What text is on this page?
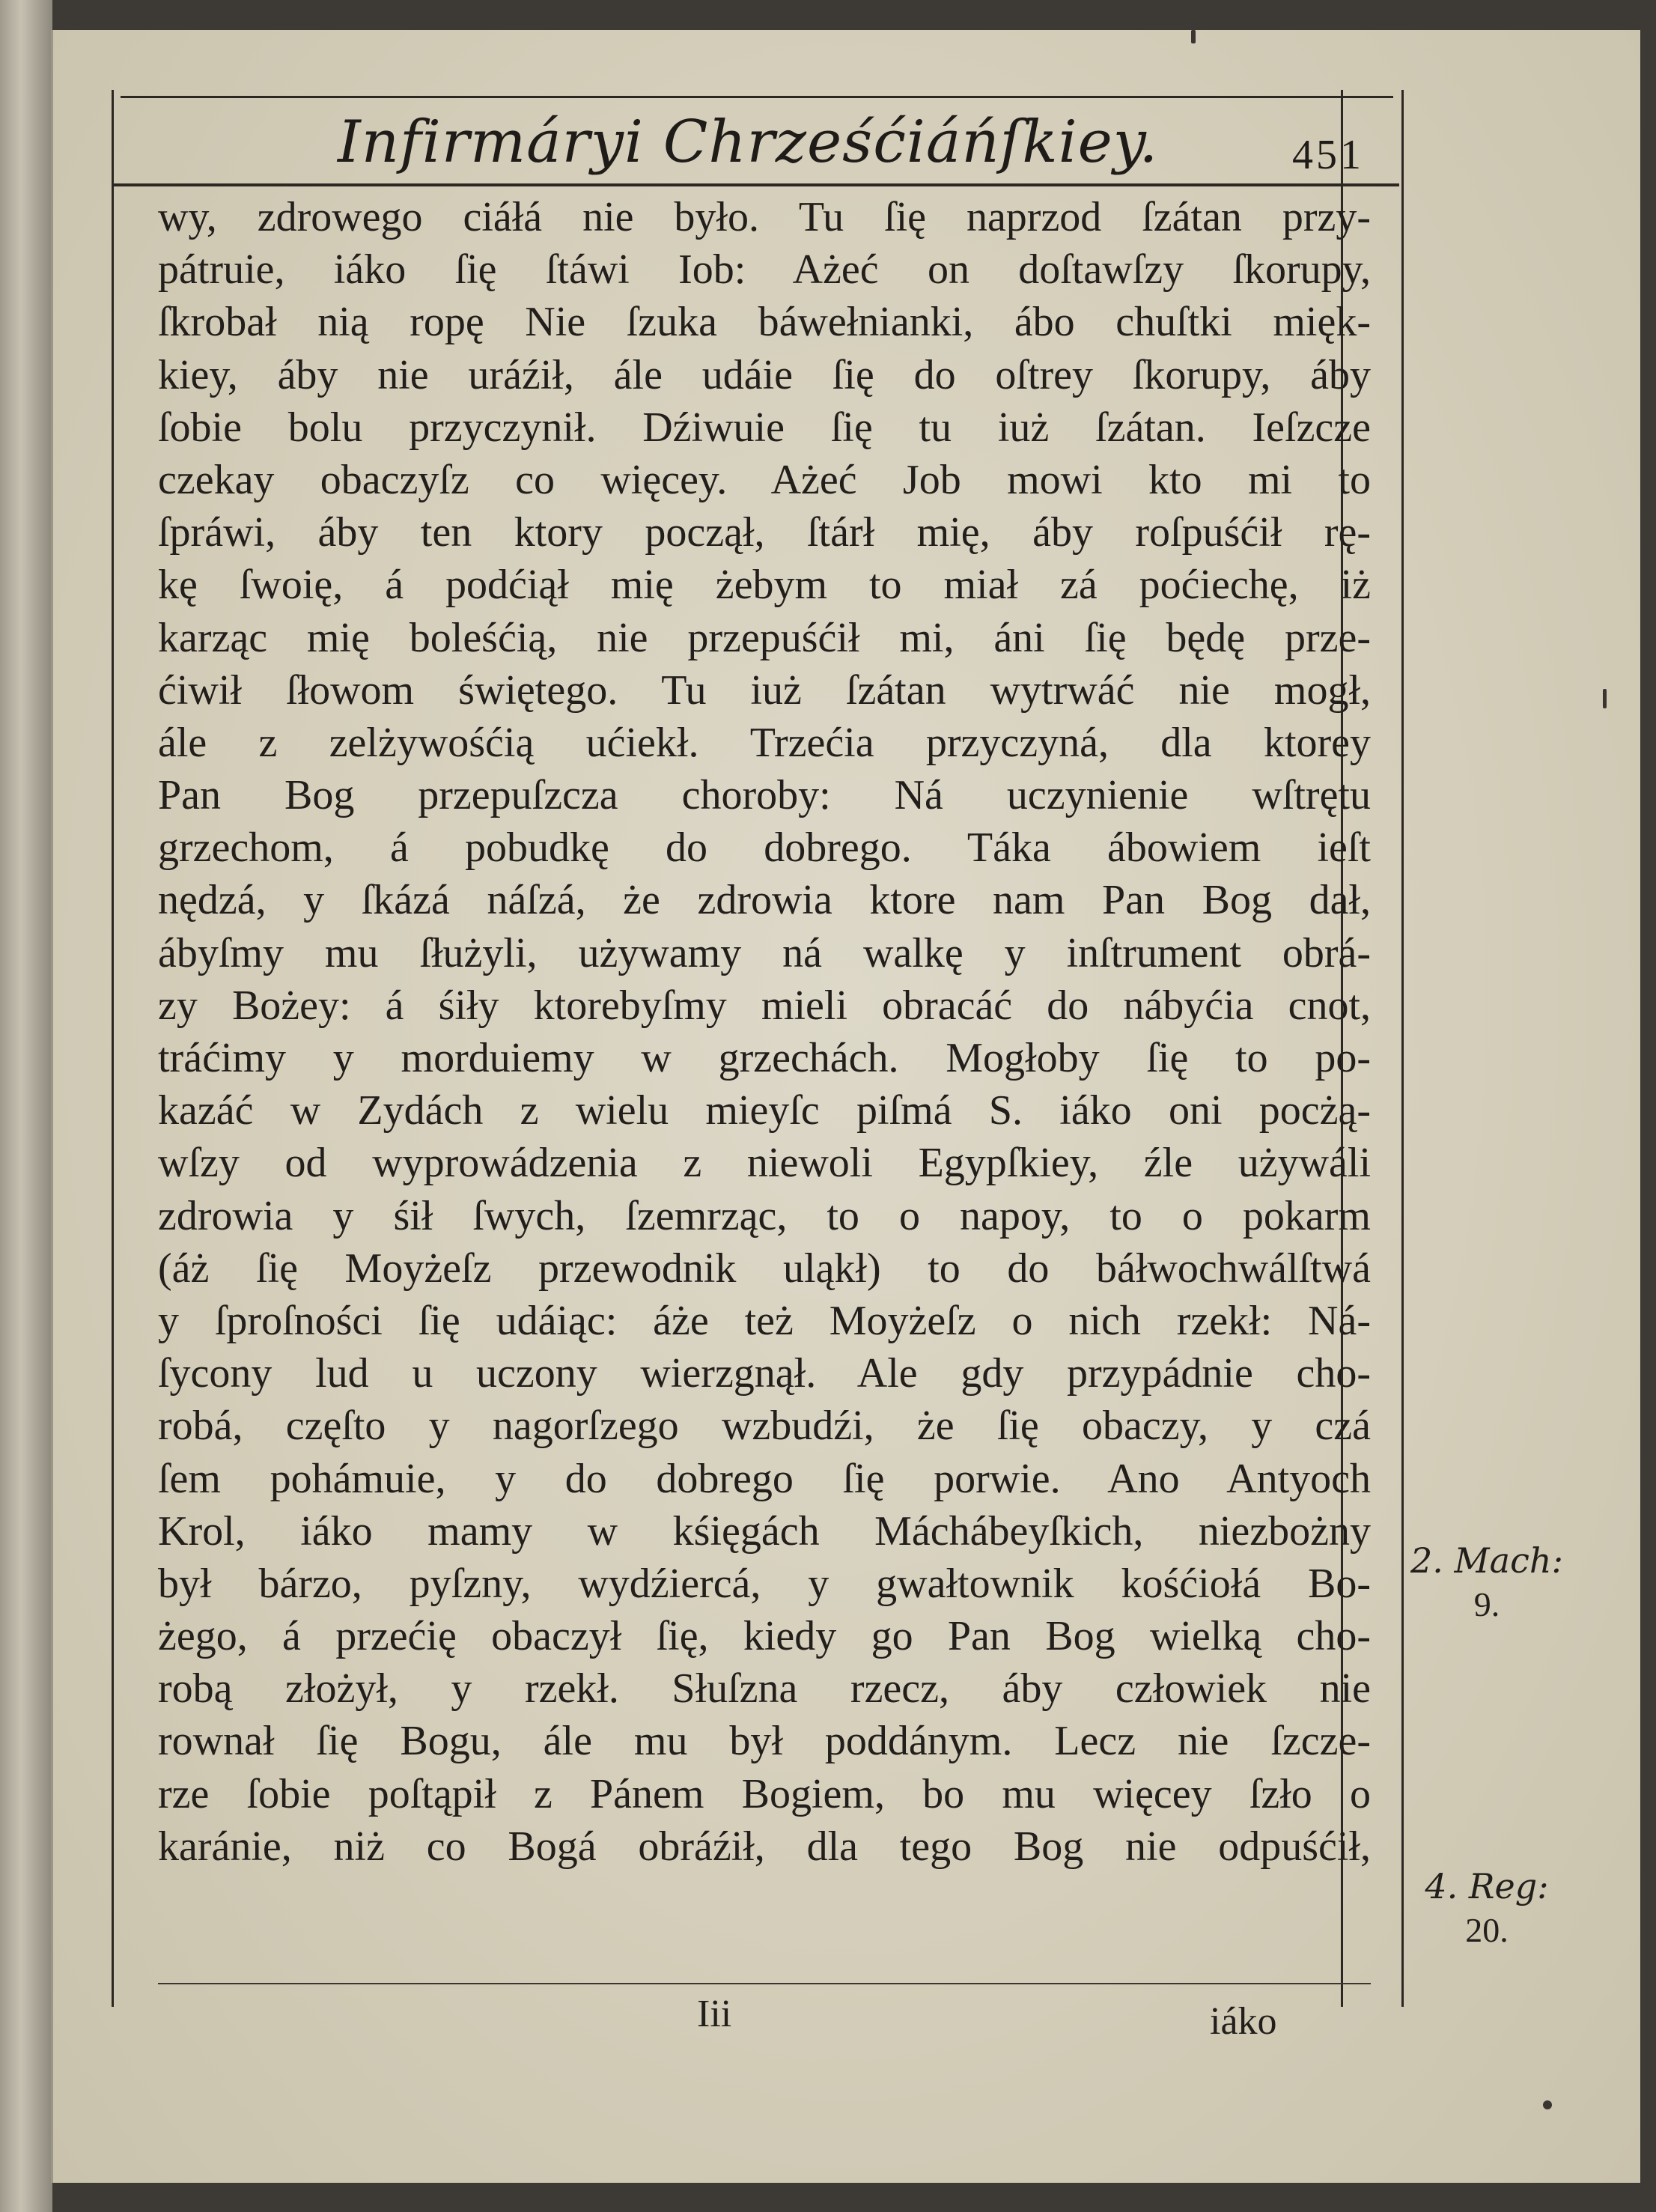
Infirmáryi Chrześćiáńſkiey.	451
wy, zdrowego ciáłá nie było. Tu ſię naprzod ſzátan przy-
pátruie, iáko ſię ſtáwi Iob: Ażeć on doſtawſzy ſkorupy,
ſkrobał nią ropę Nie ſzuka báwełnianki, ábo chuſtki mięk-
kiey, áby nie uráźił, ále udáie ſię do oſtrey ſkorupy, áby
ſobie bolu przyczynił. Dźiwuie ſię tu iuż ſzátan. Ieſzcze
czekay obaczyſz co więcey. Ażeć Job mowi kto mi to
ſpráwi, áby ten ktory począł, ſtárł mię, áby roſpuśćił rę-
kę ſwoię, á podćiął mię żebym to miał zá poćiechę, iż
karząc mię boleśćią, nie przepuśćił mi, áni ſię będę prze-
ćiwił ſłowom świętego. Tu iuż ſzátan wytrwáć nie mogł,
ále z zelżywośćią ućiekł. Trzećia przyczyná, dla ktorey
Pan Bog przepuſzcza choroby: Ná uczynienie wſtrętu
grzechom, á pobudkę do dobrego. Táka ábowiem ieſt
nędzá, y ſkázá náſzá, że zdrowia ktore nam Pan Bog dał,
ábyſmy mu ſłużyli, używamy ná walkę y inſtrument obrá-
zy Bożey: á śiły ktorebyſmy mieli obracáć do nábyćia cnot,
tráćimy y morduiemy w grzechách. Mogłoby ſię to po-
kazáć w Zydách z wielu mieyſc piſmá S. iáko oni pocżą-
wſzy od wyprowádzenia z niewoli Egypſkiey, źle używáli
zdrowia y śił ſwych, ſzemrząc, to o napoy, to o pokarm
(áż ſię Moyżeſz przewodnik uląkł) to do báłwochwálſtwá
y ſproſności ſię udáiąc: áże też Moyżeſz o nich rzekł: Ná-
ſycony lud u uczony wierzgnął. Ale gdy przypádnie cho-
robá, częſto y nagorſzego wzbudźi, że ſię obaczy, y czá
ſem pohámuie, y do dobrego ſię porwie. Ano Antyoch
Krol, iáko mamy w kśięgách Máchábeyſkich, niezbożny
był bárzo, pyſzny, wydźiercá, y gwałtownik kośćiołá Bo-
żego, á przećię obaczył ſię, kiedy go Pan Bog wielką cho-
robą złożył, y rzekł. Słuſzna rzecz, áby człowiek nie
rownał ſię Bogu, ále mu był poddánym. Lecz nie ſzcze-
rze ſobie poſtąpił z Pánem Bogiem, bo mu więcey ſzło o
karánie, niż co Bogá obráźił, dla tego Bog nie odpuśćił,
Iii	iáko
2. Mach:
9.
4. Reg:
20.
